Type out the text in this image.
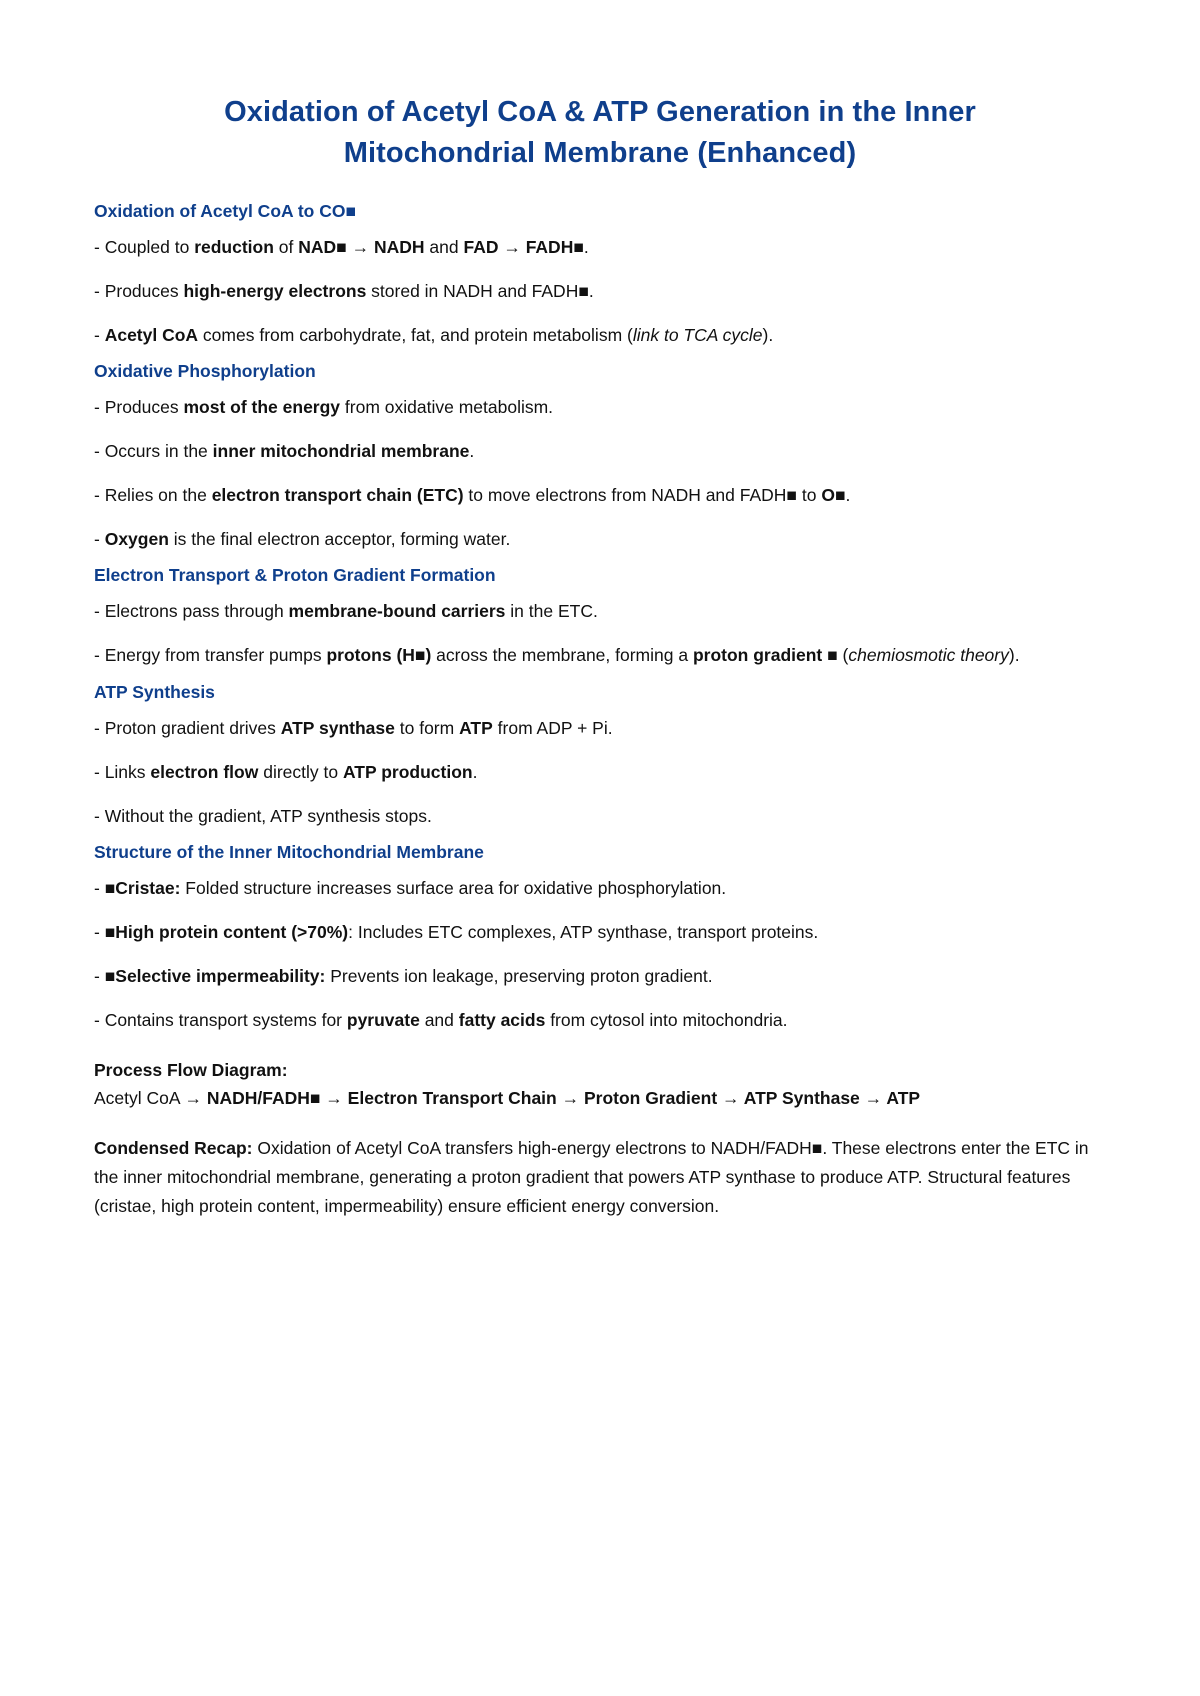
Oxidation of Acetyl CoA & ATP Generation in the Inner
Mitochondrial Membrane (Enhanced)
Oxidation of Acetyl CoA to CO■
- Coupled to reduction of NAD■ → NADH and FAD → FADH■.
- Produces high-energy electrons stored in NADH and FADH■.
- Acetyl CoA comes from carbohydrate, fat, and protein metabolism (link to TCA cycle).
Oxidative Phosphorylation
- Produces most of the energy from oxidative metabolism.
- Occurs in the inner mitochondrial membrane.
- Relies on the electron transport chain (ETC) to move electrons from NADH and FADH■ to O■.
- Oxygen is the final electron acceptor, forming water.
Electron Transport & Proton Gradient Formation
- Electrons pass through membrane-bound carriers in the ETC.
- Energy from transfer pumps protons (H■) across the membrane, forming a proton gradient ■ (chemiosmotic theory).
ATP Synthesis
- Proton gradient drives ATP synthase to form ATP from ADP + Pi.
- Links electron flow directly to ATP production.
- Without the gradient, ATP synthesis stops.
Structure of the Inner Mitochondrial Membrane
- ■Cristae: Folded structure increases surface area for oxidative phosphorylation.
- ■High protein content (>70%): Includes ETC complexes, ATP synthase, transport proteins.
- ■Selective impermeability: Prevents ion leakage, preserving proton gradient.
- Contains transport systems for pyruvate and fatty acids from cytosol into mitochondria.
Process Flow Diagram:
Acetyl CoA → NADH/FADH■ → Electron Transport Chain → Proton Gradient → ATP Synthase → ATP
Condensed Recap: Oxidation of Acetyl CoA transfers high-energy electrons to NADH/FADH■. These electrons enter the ETC in the inner mitochondrial membrane, generating a proton gradient that powers ATP synthase to produce ATP. Structural features (cristae, high protein content, impermeability) ensure efficient energy conversion.
